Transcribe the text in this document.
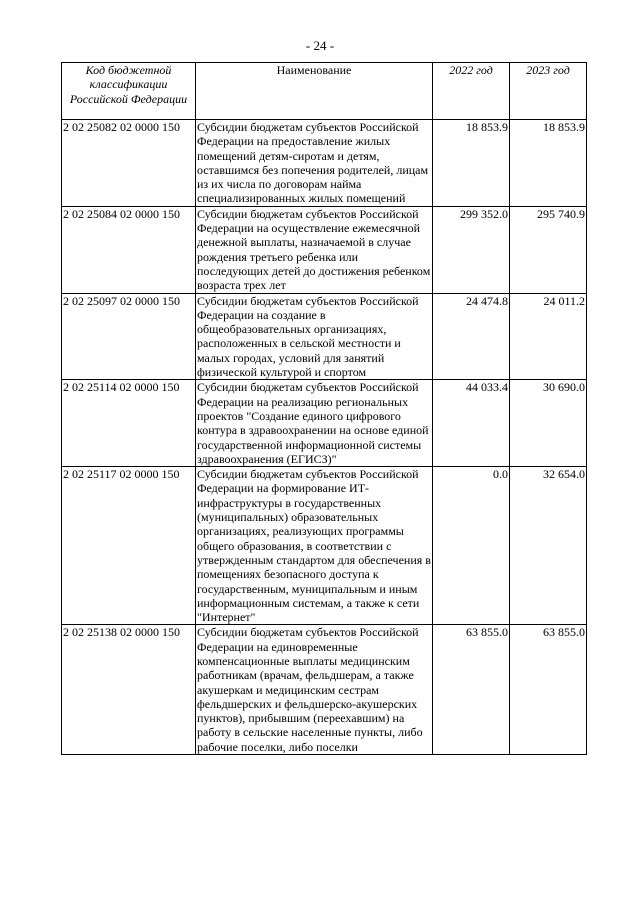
- 24 -
Код бюджетной классификации Российской Федерации	Наименование	2022 год	2023 год
2 02 25082 02 0000 150	Субсидии бюджетам субъектов Российской Федерации на предоставление жилых помещений детям-сиротам и детям, оставшимся без попечения родителей, лицам из их числа по договорам найма специализированных жилых помещений	18 853.9	18 853.9
2 02 25084 02 0000 150	Субсидии бюджетам субъектов Российской Федерации на осуществление ежемесячной денежной выплаты, назначаемой в случае рождения третьего ребенка или последующих детей до достижения ребенком возраста трех лет	299 352.0	295 740.9
2 02 25097 02 0000 150	Субсидии бюджетам субъектов Российской Федерации на создание в общеобразовательных организациях, расположенных в сельской местности и малых городах, условий для занятий физической культурой и спортом	24 474.8	24 011.2
2 02 25114 02 0000 150	Субсидии бюджетам субъектов Российской Федерации на реализацию региональных проектов "Создание единого цифрового контура в здравоохранении на основе единой государственной информационной системы здравоохранения (ЕГИСЗ)"	44 033.4	30 690.0
2 02 25117 02 0000 150	Субсидии бюджетам субъектов Российской Федерации на формирование ИТ-инфраструктуры в государственных (муниципальных) образовательных организациях, реализующих программы общего образования, в соответствии с утвержденным стандартом для обеспечения в помещениях безопасного доступа к государственным, муниципальным и иным информационным системам, а также к сети "Интернет"	0.0	32 654.0
2 02 25138 02 0000 150	Субсидии бюджетам субъектов Российской Федерации на единовременные компенсационные выплаты медицинским работникам (врачам, фельдшерам, а также акушеркам и медицинским сестрам фельдшерских и фельдшерско-акушерских пунктов), прибывшим (переехавшим) на работу в сельские населенные пункты, либо рабочие поселки, либо поселки	63 855.0	63 855.0
